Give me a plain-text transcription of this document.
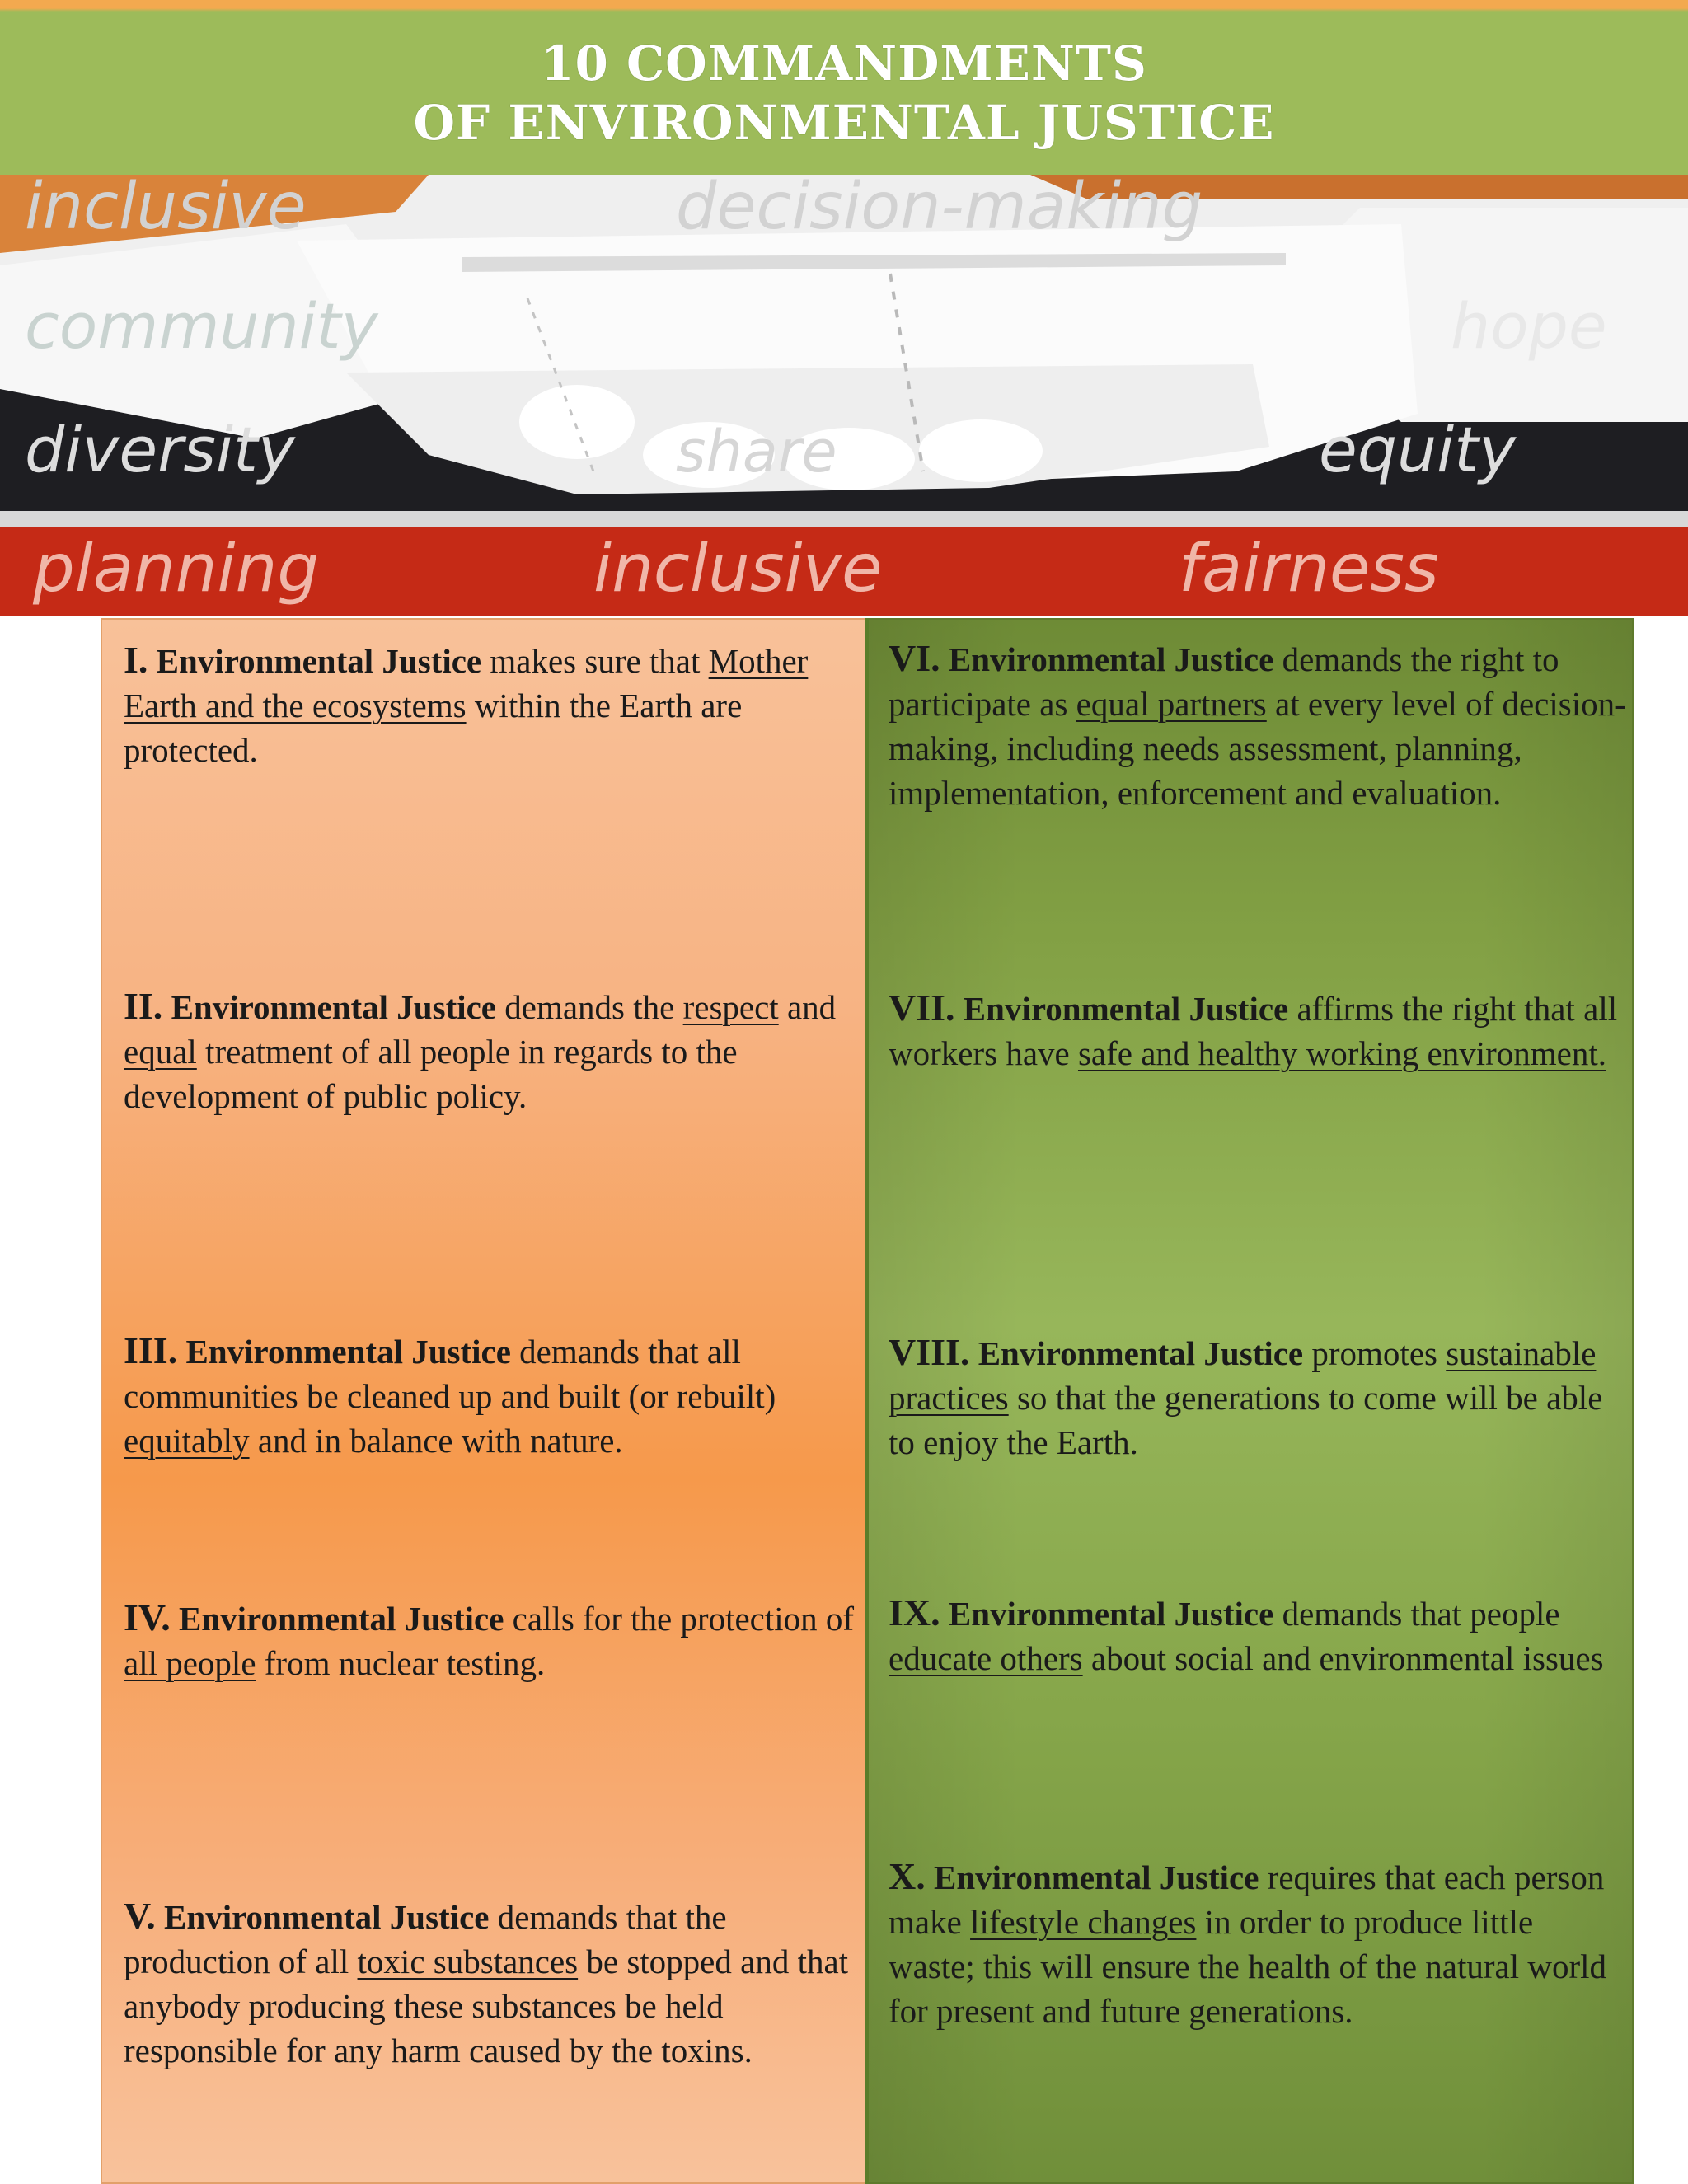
10 COMMANDMENTS
OF ENVIRONMENTAL JUSTICE
inclusive	decision-making
community	hope
diversity	share	equity
planning	inclusive	fairness

I. Environmental Justice makes sure that Mother Earth and the ecosystems within the Earth are protected.

II. Environmental Justice demands the respect and equal treatment of all people in regards to the development of public policy.

III. Environmental Justice demands that all communities be cleaned up and built (or rebuilt) equitably and in balance with nature.

IV. Environmental Justice calls for the protection of all people from nuclear testing.

V. Environmental Justice demands that the production of all toxic substances be stopped and that anybody producing these substances be held responsible for any harm caused by the toxins.

VI. Environmental Justice demands the right to participate as equal partners at every level of decision-making, including needs assessment, planning, implementation, enforcement and evaluation.

VII. Environmental Justice affirms the right that all workers have safe and healthy working environment.

VIII. Environmental Justice promotes sustainable practices so that the generations to come will be able to enjoy the Earth.

IX. Environmental Justice demands that people educate others about social and environmental issues

X. Environmental Justice requires that each person make lifestyle changes in order to produce little waste; this will ensure the health of the natural world for present and future generations.
